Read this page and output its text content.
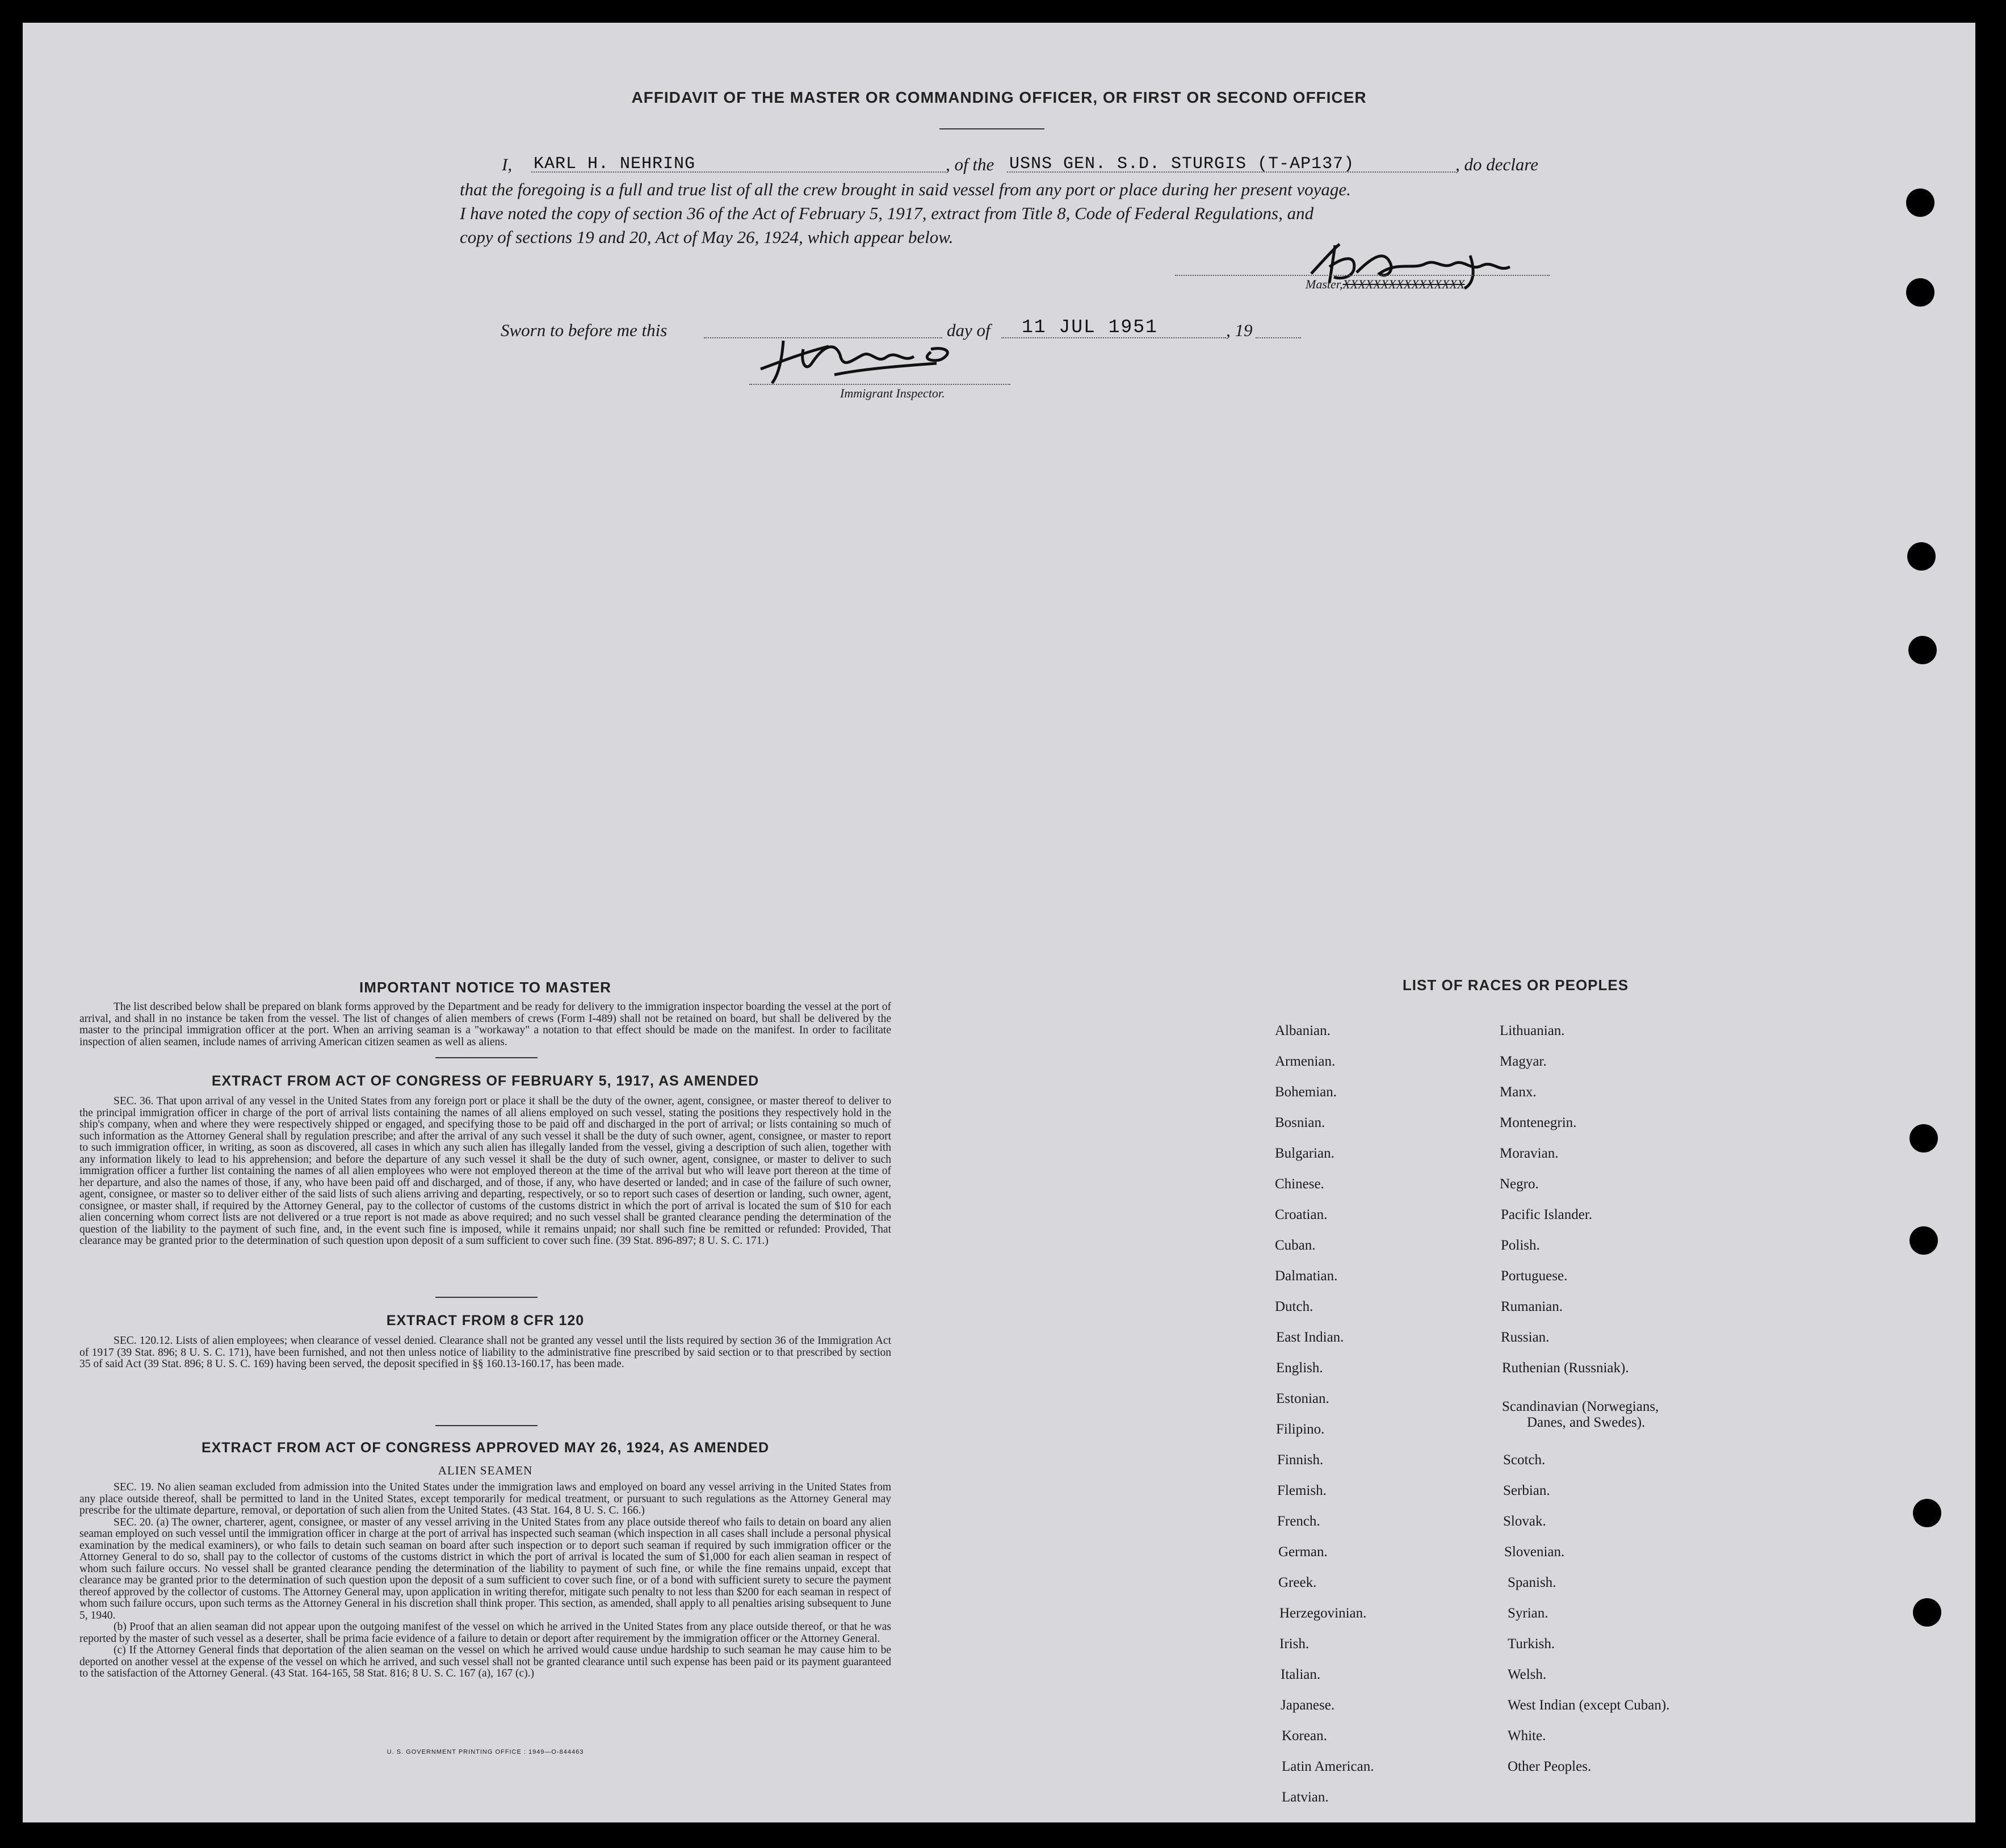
AFFIDAVIT OF THE MASTER OR COMMANDING OFFICER, OR FIRST OR SECOND OFFICER
I,	KARL H. NEHRING	, of the USNS GEN. S.D. STURGIS (T-AP137)	, do declare
that the foregoing is a full and true list of all the crew brought in said vessel from any port or place during her present voyage.
I have noted the copy of section 36 of the Act of February 5, 1917, extract from Title 8, Code of Federal Regulations, and
copy of sections 19 and 20, Act of May 26, 1924, which appear below.
Master,XXXXXXXXXXXXXXXX
Sworn to before me this	day of 11 JUL 1951	, 19
Immigrant Inspector.
IMPORTANT NOTICE TO MASTER
The list described below shall be prepared on blank forms approved by the Department and be ready for delivery to the immigration inspector boarding the vessel at the port of arrival, and shall in no instance be taken from the vessel. The list of changes of alien members of crews (Form I-489) shall not be retained on board, but shall be delivered by the master to the principal immigration officer at the port. When an arriving seaman is a "workaway" a notation to that effect should be made on the manifest. In order to facilitate inspection of alien seamen, include names of arriving American citizen seamen as well as aliens.
EXTRACT FROM ACT OF CONGRESS OF FEBRUARY 5, 1917, AS AMENDED
SEC. 36. That upon arrival of any vessel in the United States from any foreign port or place it shall be the duty of the owner, agent, consignee, or master thereof to deliver to the principal immigration officer in charge of the port of arrival lists containing the names of all aliens employed on such vessel, stating the positions they respectively hold in the ship's company, when and where they were respectively shipped or engaged, and specifying those to be paid off and discharged in the port of arrival; or lists containing so much of such information as the Attorney General shall by regulation prescribe; and after the arrival of any such vessel it shall be the duty of such owner, agent, consignee, or master to report to such immigration officer, in writing, as soon as discovered, all cases in which any such alien has illegally landed from the vessel, giving a description of such alien, together with any information likely to lead to his apprehension; and before the departure of any such vessel it shall be the duty of such owner, agent, consignee, or master to deliver to such immigration officer a further list containing the names of all alien employees who were not employed thereon at the time of the arrival but who will leave port thereon at the time of her departure, and also the names of those, if any, who have been paid off and discharged, and of those, if any, who have deserted or landed; and in case of the failure of such owner, agent, consignee, or master so to deliver either of the said lists of such aliens arriving and departing, respectively, or so to report such cases of desertion or landing, such owner, agent, consignee, or master shall, if required by the Attorney General, pay to the collector of customs of the customs district in which the port of arrival is located the sum of $10 for each alien concerning whom correct lists are not delivered or a true report is not made as above required; and no such vessel shall be granted clearance pending the determination of the question of the liability to the payment of such fine, and, in the event such fine is imposed, while it remains unpaid; nor shall such fine be remitted or refunded: Provided, That clearance may be granted prior to the determination of such question upon deposit of a sum sufficient to cover such fine. (39 Stat. 896-897; 8 U. S. C. 171.)
EXTRACT FROM 8 CFR 120
SEC. 120.12. Lists of alien employees; when clearance of vessel denied. Clearance shall not be granted any vessel until the lists required by section 36 of the Immigration Act of 1917 (39 Stat. 896; 8 U. S. C. 171), have been furnished, and not then unless notice of liability to the administrative fine prescribed by said section or to that prescribed by section 35 of said Act (39 Stat. 896; 8 U. S. C. 169) having been served, the deposit specified in §§ 160.13-160.17, has been made.
EXTRACT FROM ACT OF CONGRESS APPROVED MAY 26, 1924, AS AMENDED
ALIEN SEAMEN
SEC. 19. No alien seaman excluded from admission into the United States under the immigration laws and employed on board any vessel arriving in the United States from any place outside thereof, shall be permitted to land in the United States, except temporarily for medical treatment, or pursuant to such regulations as the Attorney General may prescribe for the ultimate departure, removal, or deportation of such alien from the United States. (43 Stat. 164, 8 U. S. C. 166.)
SEC. 20. (a) The owner, charterer, agent, consignee, or master of any vessel arriving in the United States from any place outside thereof who fails to detain on board any alien seaman employed on such vessel until the immigration officer in charge at the port of arrival has inspected such seaman (which inspection in all cases shall include a personal physical examination by the medical examiners), or who fails to detain such seaman on board after such inspection or to deport such seaman if required by such immigration officer or the Attorney General to do so, shall pay to the collector of customs of the customs district in which the port of arrival is located the sum of $1,000 for each alien seaman in respect of whom such failure occurs. No vessel shall be granted clearance pending the determination of the liability to payment of such fine, or while the fine remains unpaid, except that clearance may be granted prior to the determination of such question upon the deposit of a sum sufficient to cover such fine, or of a bond with sufficient surety to secure the payment thereof approved by the collector of customs. The Attorney General may, upon application in writing therefor, mitigate such penalty to not less than $200 for each seaman in respect of whom such failure occurs, upon such terms as the Attorney General in his discretion shall think proper. This section, as amended, shall apply to all penalties arising subsequent to June 5, 1940.
(b) Proof that an alien seaman did not appear upon the outgoing manifest of the vessel on which he arrived in the United States from any place outside thereof, or that he was reported by the master of such vessel as a deserter, shall be prima facie evidence of a failure to detain or deport after requirement by the immigration officer or the Attorney General.
(c) If the Attorney General finds that deportation of the alien seaman on the vessel on which he arrived would cause undue hardship to such seaman he may cause him to be deported on another vessel at the expense of the vessel on which he arrived, and such vessel shall not be granted clearance until such expense has been paid or its payment guaranteed to the satisfaction of the Attorney General. (43 Stat. 164-165, 58 Stat. 816; 8 U. S. C. 167 (a), 167 (c).)
U. S. GOVERNMENT PRINTING OFFICE : 1949—O-844463
LIST OF RACES OR PEOPLES
Albanian.
Armenian.
Bohemian.
Bosnian.
Bulgarian.
Chinese.
Croatian.
Cuban.
Dalmatian.
Dutch.
East Indian.
English.
Estonian.
Filipino.
Finnish.
Flemish.
French.
German.
Greek.
Herzegovinian.
Irish.
Italian.
Japanese.
Korean.
Latin American.
Latvian.
Lithuanian.
Magyar.
Manx.
Montenegrin.
Moravian.
Negro.
Pacific Islander.
Polish.
Portuguese.
Rumanian.
Russian.
Ruthenian (Russniak).
Scandinavian (Norwegians,
Danes, and Swedes).
Scotch.
Serbian.
Slovak.
Slovenian.
Spanish.
Syrian.
Turkish.
Welsh.
West Indian (except Cuban).
White.
Other Peoples.
